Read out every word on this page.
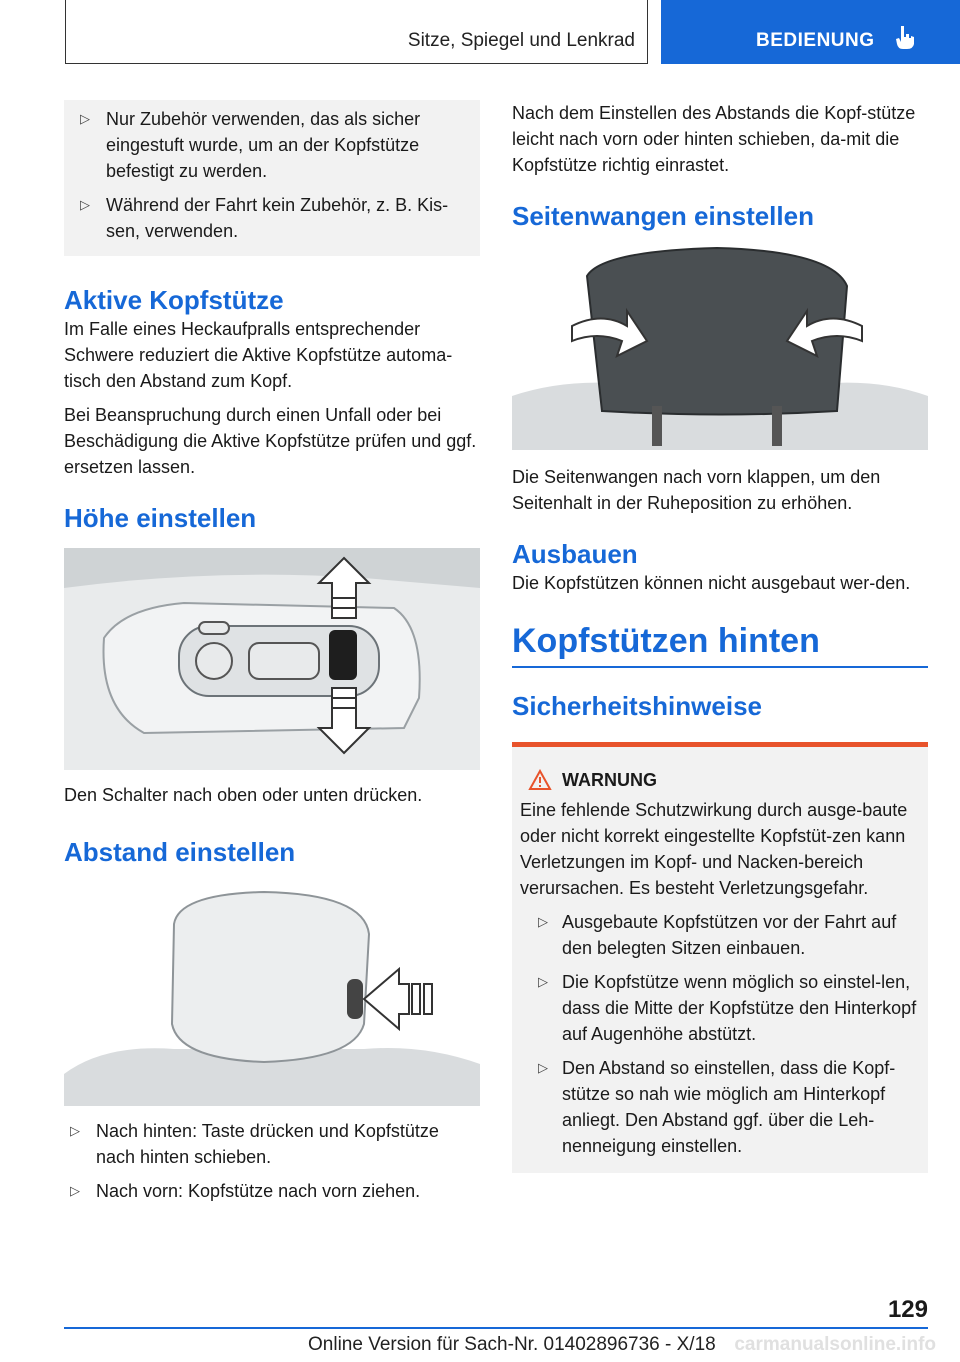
Sitze, Spiegel und Lenkrad	BEDIENUNG
▷ Nur Zubehör verwenden, das als sicher eingestuft wurde, um an der Kopfstütze befestigt zu werden.
▷ Während der Fahrt kein Zubehör, z. B. Kis-sen, verwenden.
Aktive Kopfstütze

Im Falle eines Heckaufpralls entsprechender Schwere reduziert die Aktive Kopfstütze automa-tisch den Abstand zum Kopf.

Bei Beanspruchung durch einen Unfall oder bei Beschädigung die Aktive Kopfstütze prüfen und ggf. ersetzen lassen.

Höhe einstellen

Den Schalter nach oben oder unten drücken.

Abstand einstellen
▷ Nach hinten: Taste drücken und Kopfstütze nach hinten schieben.
▷ Nach vorn: Kopfstütze nach vorn ziehen.

Nach dem Einstellen des Abstands die Kopf-stütze leicht nach vorn oder hinten schieben, da-mit die Kopfstütze richtig einrastet.

Seitenwangen einstellen

Die Seitenwangen nach vorn klappen, um den Seitenhalt in der Ruheposition zu erhöhen.

Ausbauen

Die Kopfstützen können nicht ausgebaut wer-den.

Kopfstützen hinten
Sicherheitshinweise
WARNUNG

Eine fehlende Schutzwirkung durch ausge-baute oder nicht korrekt eingestellte Kopfstüt-zen kann Verletzungen im Kopf- und Nacken-bereich verursachen. Es besteht Verletzungsgefahr.

▷ Ausgebaute Kopfstützen vor der Fahrt auf den belegten Sitzen einbauen.
▷ Die Kopfstütze wenn möglich so einstel-len, dass die Mitte der Kopfstütze den Hinterkopf auf Augenhöhe abstützt.
▷ Den Abstand so einstellen, dass die Kopf-stütze so nah wie möglich am Hinterkopf anliegt. Den Abstand ggf. über die Leh-nenneigung einstellen.
129
Online Version für Sach-Nr. 01402896736 - X/18 carmanualsonline.info
